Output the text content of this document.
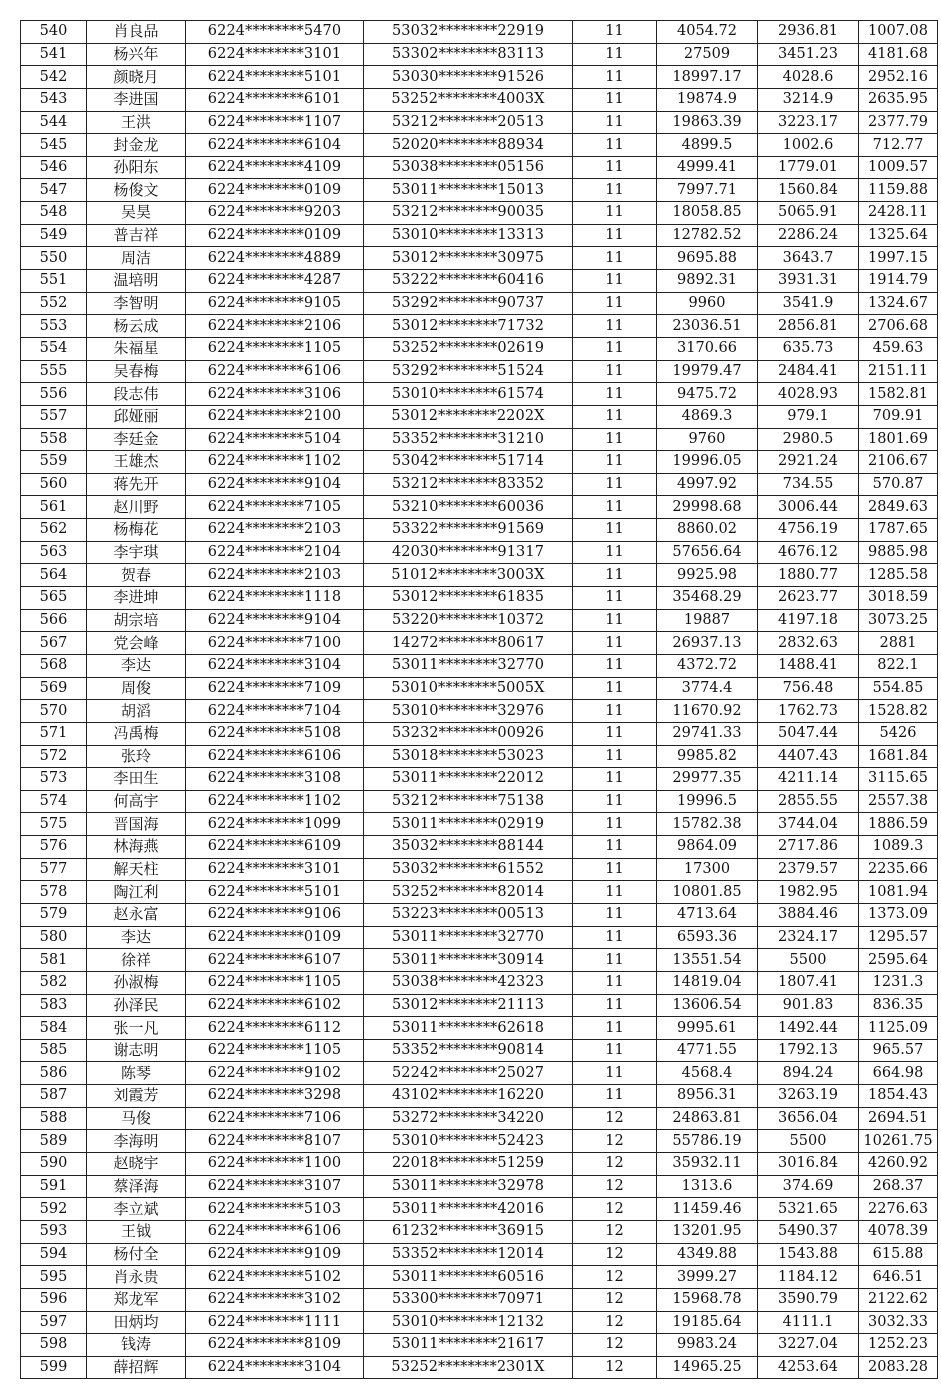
540	肖良品	6224********5470	53032********22919	11	4054.72	2936.81	1007.08
541	杨兴年	6224********3101	53302********83113	11	27509	3451.23	4181.68
542	颜晓月	6224********5101	53030********91526	11	18997.17	4028.6	2952.16
543	李进国	6224********6101	53252********4003X	11	19874.9	3214.9	2635.95
544	王洪	6224********1107	53212********20513	11	19863.39	3223.17	2377.79
545	封金龙	6224********6104	52020********88934	11	4899.5	1002.6	712.77
546	孙阳东	6224********4109	53038********05156	11	4999.41	1779.01	1009.57
547	杨俊文	6224********0109	53011********15013	11	7997.71	1560.84	1159.88
548	吴昊	6224********9203	53212********90035	11	18058.85	5065.91	2428.11
549	普吉祥	6224********0109	53010********13313	11	12782.52	2286.24	1325.64
550	周洁	6224********4889	53012********30975	11	9695.88	3643.7	1997.15
551	温培明	6224********4287	53222********60416	11	9892.31	3931.31	1914.79
552	李智明	6224********9105	53292********90737	11	9960	3541.9	1324.67
553	杨云成	6224********2106	53012********71732	11	23036.51	2856.81	2706.68
554	朱福星	6224********1105	53252********02619	11	3170.66	635.73	459.63
555	吴春梅	6224********6106	53292********51524	11	19979.47	2484.41	2151.11
556	段志伟	6224********3106	53010********61574	11	9475.72	4028.93	1582.81
557	邱娅丽	6224********2100	53012********2202X	11	4869.3	979.1	709.91
558	李廷金	6224********5104	53352********31210	11	9760	2980.5	1801.69
559	王雄杰	6224********1102	53042********51714	11	19996.05	2921.24	2106.67
560	蒋先开	6224********9104	53212********83352	11	4997.92	734.55	570.87
561	赵川野	6224********7105	53210********60036	11	29998.68	3006.44	2849.63
562	杨梅花	6224********2103	53322********91569	11	8860.02	4756.19	1787.65
563	李宇琪	6224********2104	42030********91317	11	57656.64	4676.12	9885.98
564	贺春	6224********2103	51012********3003X	11	9925.98	1880.77	1285.58
565	李进坤	6224********1118	53012********61835	11	35468.29	2623.77	3018.59
566	胡宗培	6224********9104	53220********10372	11	19887	4197.18	3073.25
567	党会峰	6224********7100	14272********80617	11	26937.13	2832.63	2881
568	李达	6224********3104	53011********32770	11	4372.72	1488.41	822.1
569	周俊	6224********7109	53010********5005X	11	3774.4	756.48	554.85
570	胡滔	6224********7104	53010********32976	11	11670.92	1762.73	1528.82
571	冯禹梅	6224********5108	53232********00926	11	29741.33	5047.44	5426
572	张玲	6224********6106	53018********53023	11	9985.82	4407.43	1681.84
573	李田生	6224********3108	53011********22012	11	29977.35	4211.14	3115.65
574	何高宇	6224********1102	53212********75138	11	19996.5	2855.55	2557.38
575	晋国海	6224********1099	53011********02919	11	15782.38	3744.04	1886.59
576	林海燕	6224********6109	35032********88144	11	9864.09	2717.86	1089.3
577	解天柱	6224********3101	53032********61552	11	17300	2379.57	2235.66
578	陶江利	6224********5101	53252********82014	11	10801.85	1982.95	1081.94
579	赵永富	6224********9106	53223********00513	11	4713.64	3884.46	1373.09
580	李达	6224********0109	53011********32770	11	6593.36	2324.17	1295.57
581	徐祥	6224********6107	53011********30914	11	13551.54	5500	2595.64
582	孙淑梅	6224********1105	53038********42323	11	14819.04	1807.41	1231.3
583	孙泽民	6224********6102	53012********21113	11	13606.54	901.83	836.35
584	张一凡	6224********6112	53011********62618	11	9995.61	1492.44	1125.09
585	谢志明	6224********1105	53352********90814	11	4771.55	1792.13	965.57
586	陈琴	6224********9102	52242********25027	11	4568.4	894.24	664.98
587	刘霞芳	6224********3298	43102********16220	11	8956.31	3263.19	1854.43
588	马俊	6224********7106	53272********34220	12	24863.81	3656.04	2694.51
589	李海明	6224********8107	53010********52423	12	55786.19	5500	10261.75
590	赵晓宇	6224********1100	22018********51259	12	35932.11	3016.84	4260.92
591	蔡泽海	6224********3107	53011********32978	12	1313.6	374.69	268.37
592	李立斌	6224********5103	53011********42016	12	11459.46	5321.65	2276.63
593	王钺	6224********6106	61232********36915	12	13201.95	5490.37	4078.39
594	杨付全	6224********9109	53352********12014	12	4349.88	1543.88	615.88
595	肖永贵	6224********5102	53011********60516	12	3999.27	1184.12	646.51
596	郑龙军	6224********3102	53300********70971	12	15968.78	3590.79	2122.62
597	田炳均	6224********1111	53010********12132	12	19185.64	4111.1	3032.33
598	钱涛	6224********8109	53011********21617	12	9983.24	3227.04	1252.23
599	薛招辉	6224********3104	53252********2301X	12	14965.25	4253.64	2083.28
